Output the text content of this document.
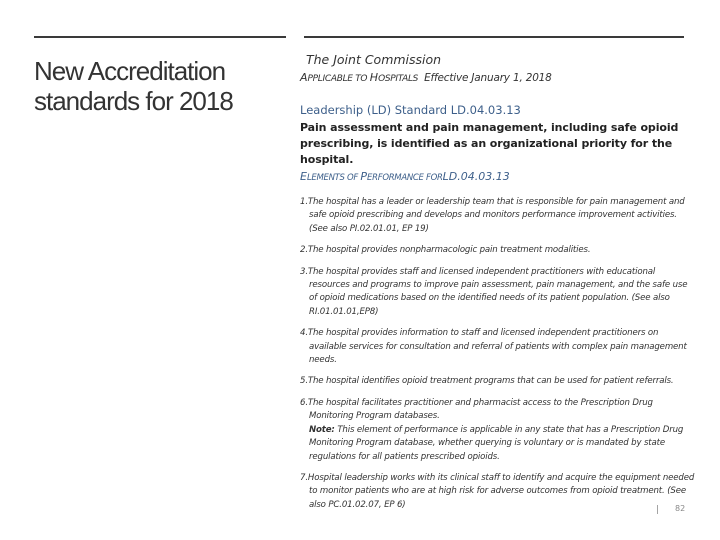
New Accreditation
standards for 2018
The Joint Commission
APPLICABLE TO HOSPITALS Effective January 1, 2018
Leadership (LD) Standard LD.04.03.13
Pain assessment and pain management, including safe opioid prescribing, is identified as an organizational priority for the hospital.
ELEMENTS OF PERFORMANCE FORLD.04.03.13
1.The hospital has a leader or leadership team that is responsible for pain management and safe opioid prescribing and develops and monitors performance improvement activities. (See also PI.02.01.01, EP 19)
2.The hospital provides nonpharmacologic pain treatment modalities.
3.The hospital provides staff and licensed independent practitioners with educational resources and programs to improve pain assessment, pain management, and the safe use of opioid medications based on the identified needs of its patient population. (See also RI.01.01.01,EP8)
4.The hospital provides information to staff and licensed independent practitioners on available services for consultation and referral of patients with complex pain management needs.
5.The hospital identifies opioid treatment programs that can be used for patient referrals.
6.The hospital facilitates practitioner and pharmacist access to the Prescription Drug Monitoring Program databases.
Note: This element of performance is applicable in any state that has a Prescription Drug Monitoring Program database, whether querying is voluntary or is mandated by state regulations for all patients prescribed opioids.
7.Hospital leadership works with its clinical staff to identify and acquire the equipment needed to monitor patients who are at high risk for adverse outcomes from opioid treatment. (See also PC.01.02.07, EP 6)
| 82
